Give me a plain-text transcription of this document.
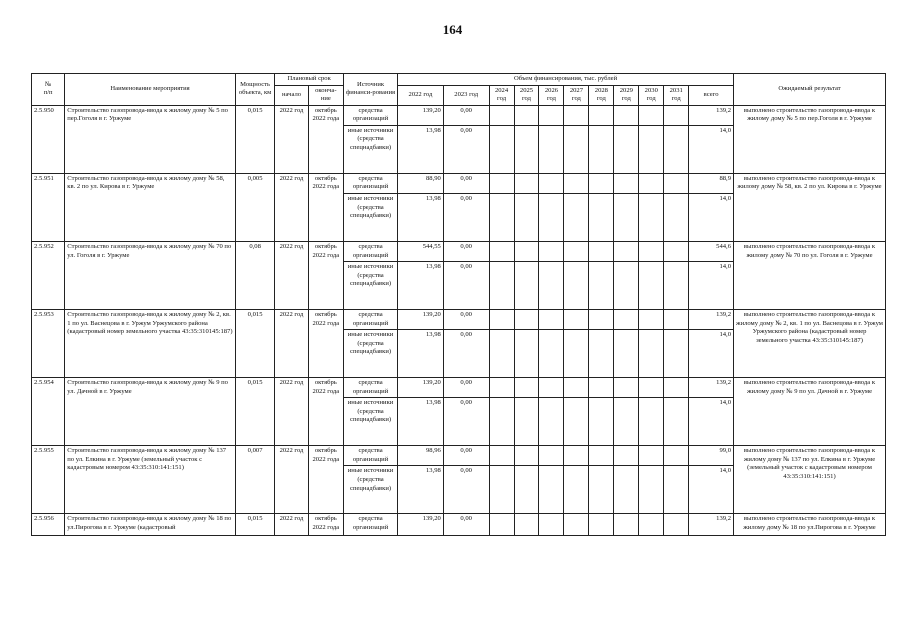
164
№
п/п	Наименование мероприятия	Мощность объекта, км	Плановый срок		Источник финанси-рования	Объем финансирования, тыс. рублей											Ожидаемый результат
			начало	оконча-ние		2022 год	2023 год	2024 год	2025 год	2026 год	2027 год	2028 год	2029 год	2030 год	2031 год	всего	
2.5.950	Строительство газопровода-ввода к жилому дому № 5 по пер.Гоголя в г. Уржуме	0,015	2022 год	октябрь 2022 года	средства организаций	139,20	0,00									139,2	выполнено строительство газопровода-ввода к жилому дому № 5 по пер.Гоголя в г. Уржуме
					иные источники (средства спецнадбавки)	13,98	0,00									14,0	
2.5.951	Строительство газопровода-ввода к жилому дому № 58, кв. 2 по ул. Кирова в г. Уржуме	0,005	2022 год	октябрь 2022 года	средства организаций	88,90	0,00									88,9	выполнено строительство газопровода-ввода к жилому дому № 58, кв. 2 по ул. Кирова в г. Уржуме
					иные источники (средства спецнадбавки)	13,98	0,00									14,0	
2.5.952	Строительство газопровода-ввода к жилому дому № 70 по ул. Гоголя в г. Уржуме	0,08	2022 год	октябрь 2022 года	средства организаций	544,55	0,00									544,6	выполнено строительство газопровода-ввода к жилому дому № 70 по ул. Гоголя в г. Уржуме
					иные источники (средства спецнадбавки)	13,98	0,00									14,0	
2.5.953	Строительство газопровода-ввода к жилому дому № 2, кв. 1 по ул. Васнецова в г. Уржум Уржумского района (кадастровый номер земельного участка 43:35:310145:187)	0,015	2022 год	октябрь 2022 года	средства организаций	139,20	0,00									139,2	выполнено строительство газопровода-ввода к жилому дому № 2, кв. 1 по ул. Васнецова в г. Уржум Уржумского района (кадастровый номер земельного участка 43:35:310145:187)
					иные источники (средства спецнадбавки)	13,98	0,00									14,0	
2.5.954	Строительство газопровода-ввода к жилому дому № 9 по ул. Дачной в г. Уржуме	0,015	2022 год	октябрь 2022 года	средства организаций	139,20	0,00									139,2	выполнено строительство газопровода-ввода к жилому дому № 9 по ул. Дачной в г. Уржуме
					иные источники (средства спецнадбавки)	13,98	0,00									14,0	
2.5.955	Строительство газопровода-ввода к жилому дому № 137 по ул. Елкина в г. Уржуме (земельный участок с кадастровым номером 43:35:310:141:151)	0,007	2022 год	октябрь 2022 года	средства организаций	98,96	0,00									99,0	выполнено строительство газопровода-ввода к жилому дому № 137 по ул. Елкина в г. Уржуме (земельный участок с кадастровым номером 43:35:310:141:151)
					иные источники (средства спецнадбавки)	13,98	0,00									14,0	
2.5.956	Строительство газопровода-ввода к жилому дому № 18 по ул.Пирогова в г. Уржуме (кадастровый	0,015	2022 год	октябрь 2022 года	средства организаций	139,20	0,00									139,2	выполнено строительство газопровода-ввода к жилому дому № 18 по ул.Пирогова в г. Уржуме
